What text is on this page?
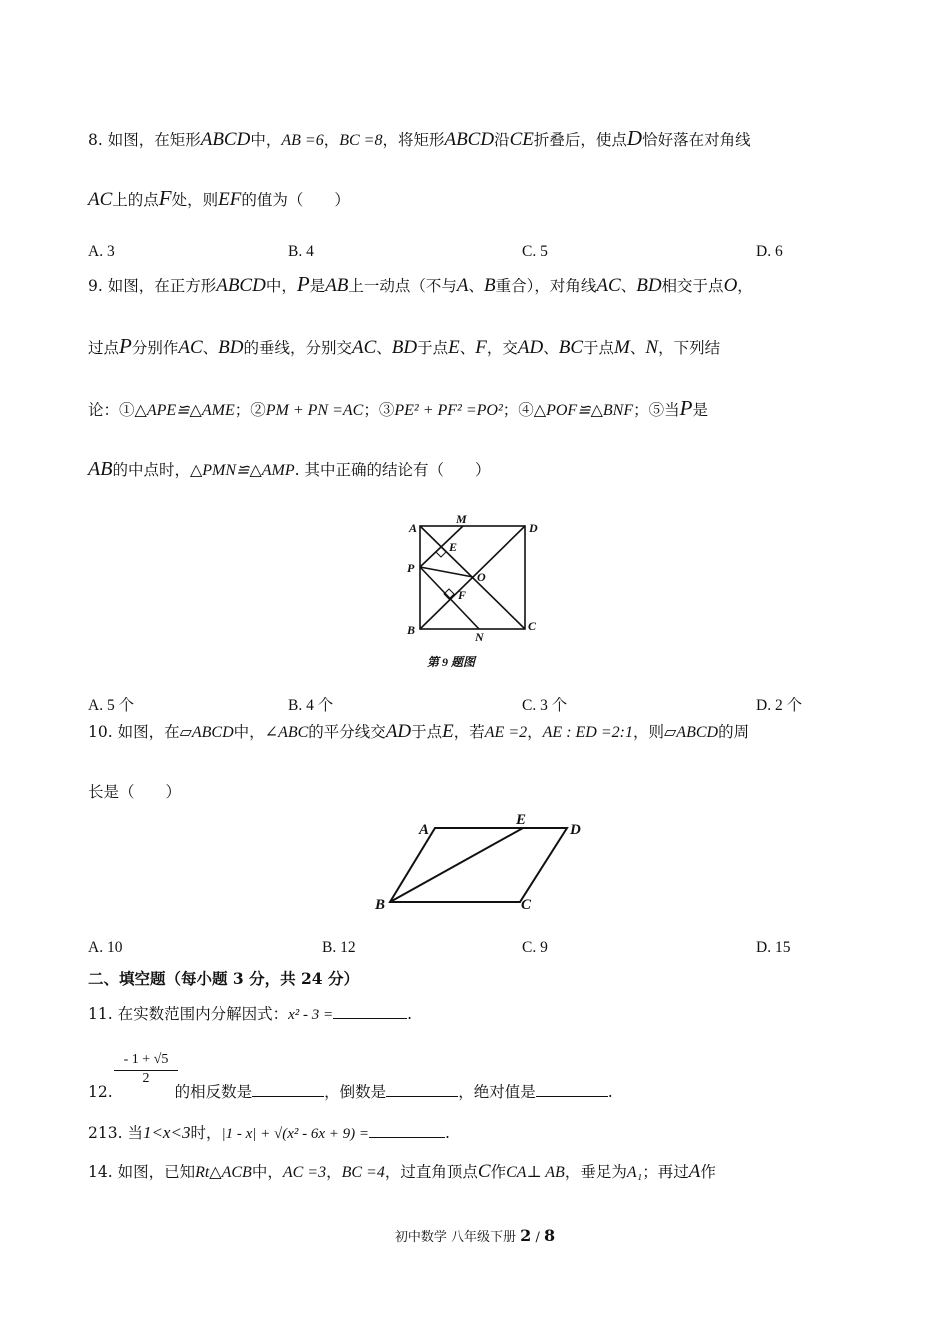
8. 如图，在矩形ABCD中，AB =6，BC =8，将矩形ABCD沿CE折叠后，使点D恰好落在对角线
AC上的点F处，则EF的值为（　　）
A. 3	B. 4	C. 5	D. 6
9. 如图，在正方形ABCD中，P是AB上一动点（不与A、B重合），对角线AC、BD相交于点O，
过点P分别作AC、BD的垂线，分别交AC、BD于点E、F，交AD、BC于点M、N，下列结
论：①△APE≌△AME；②PM + PN =AC；③PE² + PF² =PO²；④△POF≌△BNF；⑤当P是
AB的中点时，△PMN≌△AMP. 其中正确的结论有（　　）
A
M
D
E
P
O
F
B	N
C
第 9 题图
A. 5 个	B. 4 个	C. 3 个	D. 2 个
10. 如图，在▱ABCD中，∠ABC的平分线交AD于点E，若AE =2，AE : ED =2:1，则▱ABCD的周
长是（　　）
A
E
D
B	C
A. 10	B. 12	C. 9	D. 15
二、填空题（每小题 3 分，共 24 分）
11. 在实数范围内分解因式：x² - 3 =	.
$\frac{- 1 + √5}{2}$
12.	的相反数是	，倒数是	，绝对值是	.
213. 当1<x<3时，|1 - x| + √(x² - 6x + 9) =	.
14. 如图，已知Rt△ACB中，AC =3，BC =4，过直角顶点C作CA⊥ AB，垂足为A₁；再过A作
初中数学 八年级下册 2 / 8
